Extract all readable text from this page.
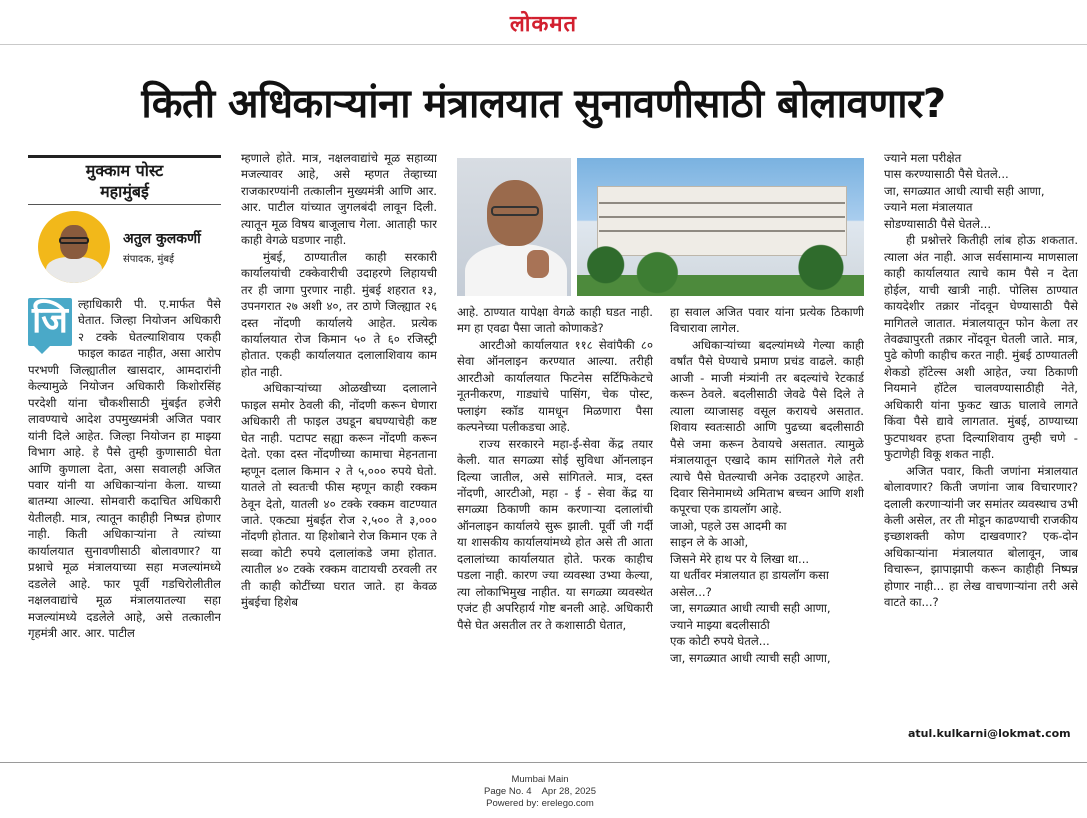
लोकमत
किती अधिकाऱ्यांना मंत्रालयात सुनावणीसाठी बोलावणार?
मुक्काम पोस्ट
महामुंबई
अतुल कुलकर्णी
संपादक, मुंबई
जि ल्हाधिकारी पी. ए.मार्फत पैसे घेतात. जिल्हा नियोजन अधिकारी २ टक्के घेतल्याशिवाय एकही फाइल काढत नाहीत, असा आरोप परभणी जिल्ह्यातील खासदार, आमदारांनी केल्यामुळे नियोजन अधिकारी किशोरसिंह परदेशी यांना चौकशीसाठी मुंबईत हजेरी लावण्याचे आदेश उपमुख्यमंत्री अजित पवार यांनी दिले आहेत. जिल्हा नियोजन हा माझ्या विभाग आहे. हे पैसे तुम्ही कुणासाठी घेता आणि कुणाला देता, असा सवालही अजित पवार यांनी या अधिकाऱ्यांना केला. याच्या बातम्या आल्या. सोमवारी कदाचित अधिकारी येतीलही. मात्र, त्यातून काहीही निष्पन्न होणार नाही. किती अधिकाऱ्यांना ते त्यांच्या कार्यालयात सुनावणीसाठी बोलावणार? या प्रश्नाचे मूळ मंत्रालयाच्या सहा मजल्यांमध्ये दडलेले आहे. फार पूर्वी गडचिरोलीतील नक्षलवाद्यांचे मूळ मंत्रालयातल्या सहा मजल्यांमध्ये दडलेले आहे, असे तत्कालीन गृहमंत्री आर. आर. पाटील

म्हणाले होते. मात्र, नक्षलवाद्यांचे मूळ सहाव्या मजल्यावर आहे, असे म्हणत तेव्हाच्या राजकारण्यांनी तत्कालीन मुख्यमंत्री आणि आर. आर. पाटील यांच्यात जुगलबंदी लावून दिली. त्यातून मूळ विषय बाजूलाच गेला. आताही फार काही वेगळे घडणार नाही.

मुंबई, ठाण्यातील काही सरकारी कार्यालयांची टक्केवारीची उदाहरणे लिहायची तर ही जागा पुरणार नाही. मुंबई शहरात १३, उपनगरात २७ अशी ४०, तर ठाणे जिल्ह्यात २६ दस्त नोंदणी कार्यालये आहेत. प्रत्येक कार्यालयात रोज किमान ५० ते ६० रजिस्ट्री होतात. एकही कार्यालयात दलालाशिवाय काम होत नाही.

अधिकाऱ्यांच्या ओळखीच्या दलालाने फाइल समोर ठेवली की, नोंदणी करून घेणारा अधिकारी ती फाइल उघडून बघण्याचेही कष्ट घेत नाही. पटापट सह्या करून नोंदणी करून देतो. एका दस्त नोंदणीच्या कामाचा मेहनताना म्हणून दलाल किमान २ ते ५,००० रुपये घेतो. यातले तो स्वतःची फीस म्हणून काही रक्कम ठेवून देतो, यातली ४० टक्के रक्कम वाटण्यात जाते. एकट्या मुंबईत रोज २,५०० ते ३,००० नोंदणी होतात. या हिशोबाने रोज किमान एक ते सव्वा कोटी रुपये दलालांकडे जमा होतात. त्यातील ४० टक्के रक्कम वाटायची ठरवली तर ती काही कोटींच्या घरात जाते. हा केवळ मुंबईचा हिशेब

आहे. ठाण्यात यापेक्षा वेगळे काही घडत नाही. मग हा एवढा पैसा जातो कोणाकडे?

आरटीओ कार्यालयात ११८ सेवांपैकी ८० सेवा ऑनलाइन करण्यात आल्या. तरीही आरटीओ कार्यालयात फिटनेस सर्टिफिकेटचे नूतनीकरण, गाड्यांचे पासिंग, चेक पोस्ट, फ्लाइंग स्कॉड यामधून मिळणारा पैसा कल्पनेच्या पलीकडचा आहे.

राज्य सरकारने महा-ई-सेवा केंद्र तयार केली. यात सगळ्या सोई सुविधा ऑनलाइन दिल्या जातील, असे सांगितले. मात्र, दस्त नोंदणी, आरटीओ, महा - ई - सेवा केंद्र या सगळ्या ठिकाणी काम करणाऱ्या दलालांची ऑनलाइन कार्यालये सुरू झाली. पूर्वी जी गर्दी या शासकीय कार्यालयांमध्ये होत असे ती आता दलालांच्या कार्यालयात होते. फरक काहीच पडला नाही. कारण ज्या व्यवस्था उभ्या केल्या, त्या लोकाभिमुख नाहीत. या सगळ्या व्यवस्थेत एजंट ही अपरिहार्य गोष्ट बनली आहे. अधिकारी पैसे घेत असतील तर ते कशासाठी घेतात,

हा सवाल अजित पवार यांना प्रत्येक ठिकाणी विचारावा लागेल.

अधिकाऱ्यांच्या बदल्यांमध्ये गेल्या काही वर्षांत पैसे घेण्याचे प्रमाण प्रचंड वाढले. काही आजी - माजी मंत्र्यांनी तर बदल्यांचे रेटकार्ड करून ठेवले. बदलीसाठी जेवढे पैसे दिले ते त्याला व्याजासह वसूल करायचे असतात. शिवाय स्वतःसाठी आणि पुढच्या बदलीसाठी पैसे जमा करून ठेवायचे असतात. त्यामुळे मंत्रालयातून एखादे काम सांगितले गेले तरी त्याचे पैसे घेतल्याची अनेक उदाहरणे आहेत. दिवार सिनेमामध्ये अमिताभ बच्चन आणि शशी कपूरचा एक डायलॉग आहे.

जाओ, पहले उस आदमी का

साइन ले के आओ,

जिसने मेरे हाथ पर ये लिखा था...

या धर्तीवर मंत्रालयात हा डायलॉग कसा असेल...?

जा, सगळ्यात आधी त्याची सही आणा,

ज्याने माझ्या बदलीसाठी

एक कोटी रुपये घेतले...

जा, सगळ्यात आधी त्याची सही आणा,

ज्याने मला परीक्षेत

पास करण्यासाठी पैसे घेतले...

जा, सगळ्यात आधी त्याची सही आणा,

ज्याने मला मंत्रालयात

सोडण्यासाठी पैसे घेतले...

ही प्रश्नोत्तरे कितीही लांब होऊ शकतात. त्याला अंत नाही. आज सर्वसामान्य माणसाला काही कार्यालयात त्याचे काम पैसे न देता होईल, याची खात्री नाही. पोलिस ठाण्यात कायदेशीर तक्रार नोंदवून घेण्यासाठी पैसे मागितले जातात. मंत्रालयातून फोन केला तर तेवढ्यापुरती तक्रार नोंदवून घेतली जाते. मात्र, पुढे कोणी काहीच करत नाही. मुंबई ठाण्यातली शेकडो हॉटेल्स अशी आहेत, ज्या ठिकाणी नियमाने हॉटेल चालवण्यासाठीही नेते, अधिकारी यांना फुकट खाऊ घालावे लागते किंवा पैसे द्यावे लागतात. मुंबई, ठाण्याच्या फुटपाथवर हप्ता दिल्याशिवाय तुम्ही चणे - फुटाणेही विकू शकत नाही.

अजित पवार, किती जणांना मंत्रालयात बोलावणार? किती जणांना जाब विचारणार? दलाली करणाऱ्यांनी जर समांतर व्यवस्थाच उभी केली असेल, तर ती मोडून काढण्याची राजकीय इच्छाशक्ती कोण दाखवणार? एक-दोन अधिकाऱ्यांना मंत्रालयात बोलावून, जाब विचारून, झापाझापी करून काहीही निष्पन्न होणार नाही... हा लेख वाचणाऱ्यांना तरी असे वाटते का...?

atul.kulkarni@lokmat.com
Mumbai Main
Page No. 4    Apr 28, 2025
Powered by: erelego.com
